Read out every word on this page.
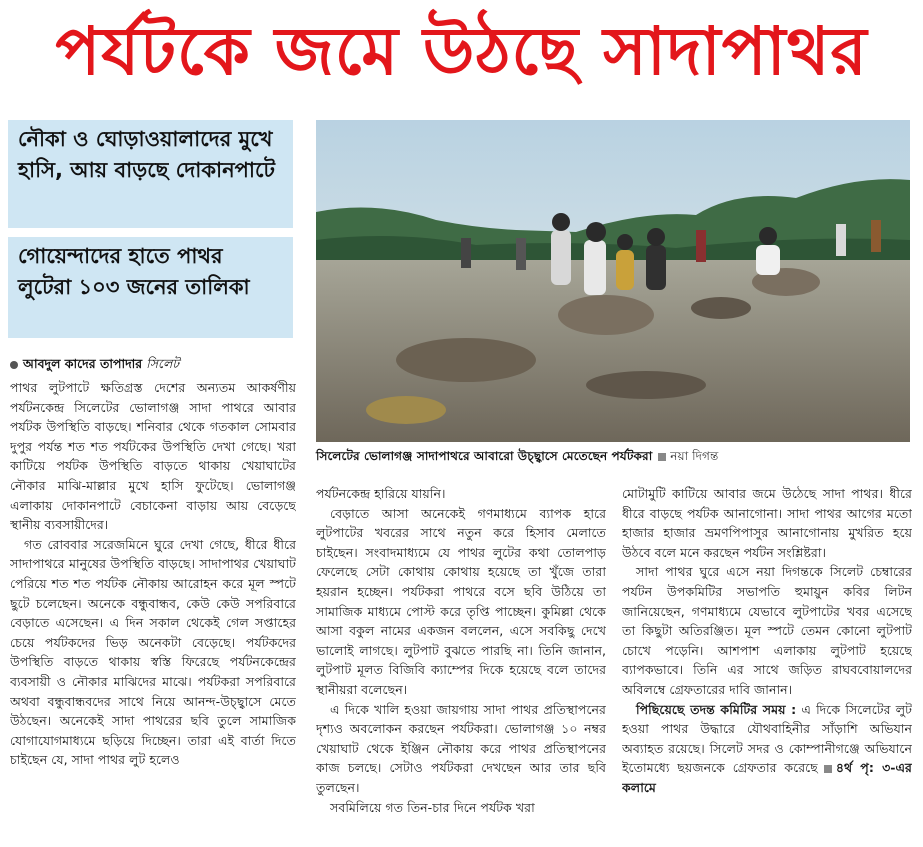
পর্যটকে জমে উঠছে সাদাপাথর
নৌকা ও ঘোড়াওয়ালাদের মুখে হাসি, আয় বাড়ছে দোকানপাটে
গোয়েন্দাদের হাতে পাথর লুটেরা ১০৩ জনের তালিকা
আবদুল কাদের তাপাদার সিলেট

পাথর লুটপাটে ক্ষতিগ্রস্ত দেশের অন্যতম আকর্ষণীয় পর্যটনকেন্দ্র সিলেটের ভোলাগঞ্জ সাদা পাথরে আবার পর্যটক উপস্থিতি বাড়ছে। শনিবার থেকে গতকাল সোমবার দুপুর পর্যন্ত শত শত পর্যটকের উপস্থিতি দেখা গেছে। খরা কাটিয়ে পর্যটক উপস্থিতি বাড়তে থাকায় খেয়াঘাটের নৌকার মাঝি-মাল্লার মুখে হাসি ফুটেছে। ভোলাগঞ্জ এলাকায় দোকানপাটে বেচাকেনা বাড়ায় আয় বেড়েছে স্থানীয় ব্যবসায়ীদের।

গত রোববার সরেজমিনে ঘুরে দেখা গেছে, ধীরে ধীরে সাদাপাথরে মানুষের উপস্থিতি বাড়ছে। সাদাপাথর খেয়াঘাট পেরিয়ে শত শত পর্যটক নৌকায় আরোহন করে মূল স্পটে ছুটে চলেছেন। অনেকে বন্ধুবান্ধব, কেউ কেউ সপরিবারে বেড়াতে এসেছেন। এ দিন সকাল থেকেই গেল সপ্তাহের চেয়ে পর্যটকদের ভিড় অনেকটা বেড়েছে। পর্যটকদের উপস্থিতি বাড়তে থাকায় স্বস্তি ফিরেছে পর্যটনকেন্দ্রের ব্যবসায়ী ও নৌকার মাঝিদের মাঝে। পর্যটকরা সপরিবারে অথবা বন্ধুবান্ধবদের সাথে নিয়ে আনন্দ-উচ্ছ্বাসে মেতে উঠছেন। অনেকেই সাদা পাথরের ছবি তুলে সামাজিক যোগাযোগমাধ্যমে ছড়িয়ে দিচ্ছেন। তারা এই বার্তা দিতে চাইছেন যে, সাদা পাথর লুট হলেও

সিলেটের ভোলাগঞ্জ সাদাপাথরে আবারো উচ্ছ্বাসে মেতেছেন পর্যটকরা নয়া দিগন্ত

পর্যটনকেন্দ্র হারিয়ে যায়নি।

বেড়াতে আসা অনেকেই গণমাধ্যমে ব্যাপক হারে লুটপাটের খবরের সাথে নতুন করে হিসাব মেলাতে চাইছেন। সংবাদমাধ্যমে যে পাথর লুটের কথা তোলপাড় ফেলেছে সেটা কোথায় কোথায় হয়েছে তা খুঁজে তারা হয়রান হচ্ছেন। পর্যটকরা পাথরে বসে ছবি উঠিয়ে তা সামাজিক মাধ্যমে পোস্ট করে তৃপ্তি পাচ্ছেন। কুমিল্লা থেকে আসা বকুল নামের একজন বললেন, এসে সবকিছু দেখে ভালোই লাগছে। লুটপাট বুঝতে পারছি না। তিনি জানান, লুটপাট মূলত বিজিবি ক্যাম্পের দিকে হয়েছে বলে তাদের স্থানীয়রা বলেছেন।

এ দিকে খালি হওয়া জায়গায় সাদা পাথর প্রতিস্থাপনের দৃশ্যও অবলোকন করছেন পর্যটকরা। ভোলাগঞ্জ ১০ নম্বর খেয়াঘাট থেকে ইঞ্জিন নৌকায় করে পাথর প্রতিস্থাপনের কাজ চলছে। সেটাও পর্যটকরা দেখছেন আর তার ছবি তুলছেন।

সবমিলিয়ে গত তিন-চার দিনে পর্যটক খরা

মোটামুটি কাটিয়ে আবার জমে উঠেছে সাদা পাথর। ধীরে ধীরে বাড়ছে পর্যটক আনাগোনা। সাদা পাথর আগের মতো হাজার হাজার ভ্রমণপিপাসুর আনাগোনায় মুখরিত হয়ে উঠবে বলে মনে করছেন পর্যটন সংশ্লিষ্টরা।

সাদা পাথর ঘুরে এসে নয়া দিগন্তকে সিলেট চেম্বারের পর্যটন উপকমিটির সভাপতি হুমায়ুন কবির লিটন জানিয়েছেন, গণমাধ্যমে যেভাবে লুটপাটের খবর এসেছে তা কিছুটা অতিরঞ্জিত। মূল স্পটে তেমন কোনো লুটপাট চোখে পড়েনি। আশপাশ এলাকায় লুটপাট হয়েছে ব্যাপকভাবে। তিনি এর সাথে জড়িত রাঘববোয়ালদের অবিলম্বে গ্রেফতারের দাবি জানান।

পিছিয়েছে তদন্ত কমিটির সময় : এ দিকে সিলেটের লুট হওয়া পাথর উদ্ধারে যৌথবাহিনীর সাঁড়াশি অভিযান অব্যাহত রয়েছে। সিলেট সদর ও কোম্পানীগঞ্জে অভিযানে ইতোমধ্যে ছয়জনকে গ্রেফতার করেছে ৪র্থ পৃ: ৩-এর কলামে
